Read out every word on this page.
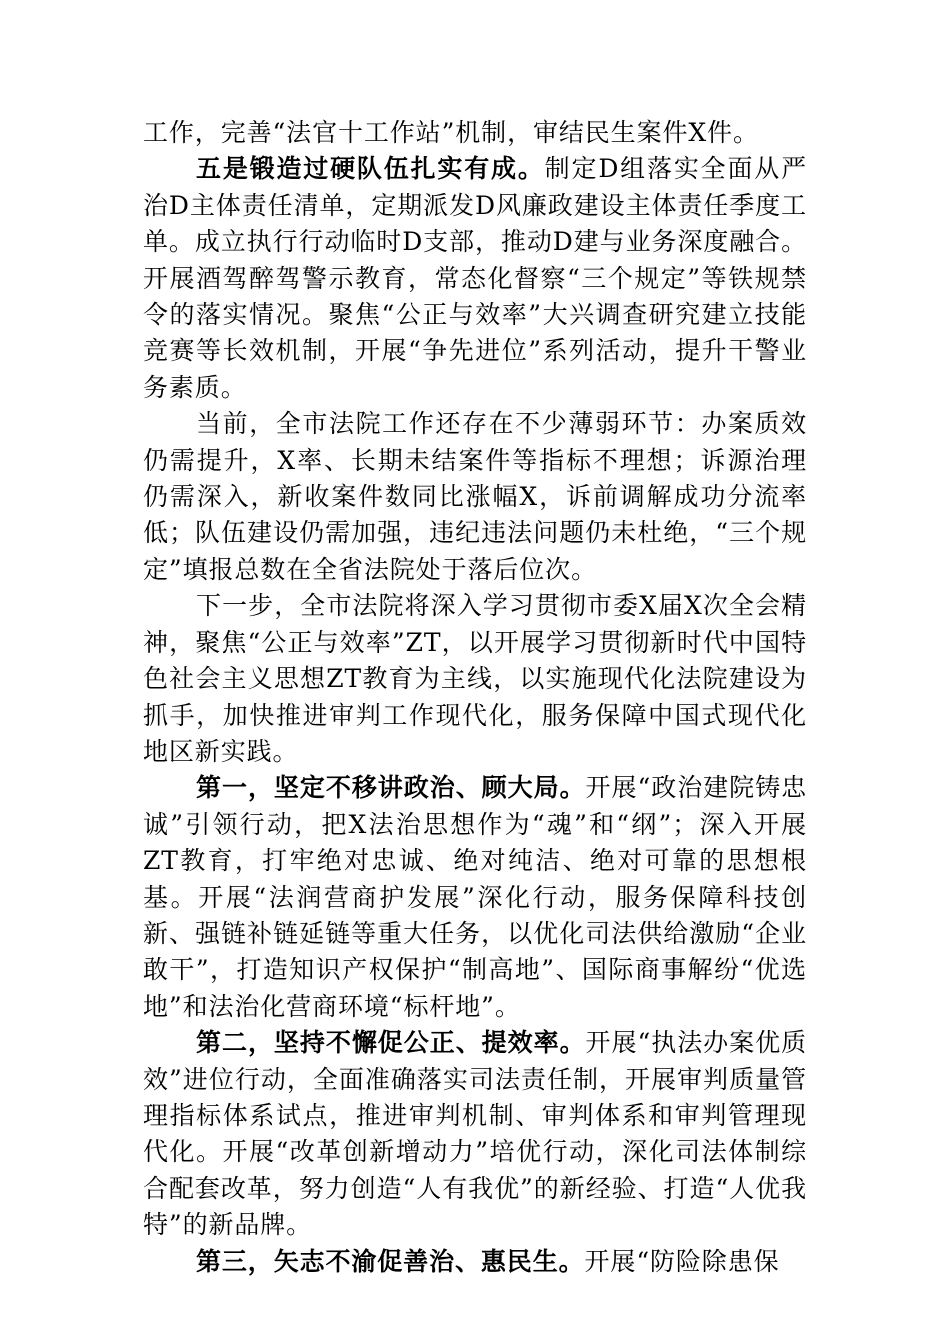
工作，完善“法官十工作站”机制，审结民生案件X件。

五是锻造过硬队伍扎实有成。制定D组落实全面从严治D主体责任清单，定期派发D风廉政建设主体责任季度工单。成立执行行动临时D支部，推动D建与业务深度融合。开展酒驾醉驾警示教育，常态化督察“三个规定”等铁规禁令的落实情况。聚焦“公正与效率”大兴调查研究建立技能竞赛等长效机制，开展“争先进位”系列活动，提升干警业务素质。

当前，全市法院工作还存在不少薄弱环节：办案质效仍需提升，X率、长期未结案件等指标不理想；诉源治理仍需深入，新收案件数同比涨幅X，诉前调解成功分流率低；队伍建设仍需加强，违纪违法问题仍未杜绝，“三个规定”填报总数在全省法院处于落后位次。

下一步，全市法院将深入学习贯彻市委X届X次全会精神，聚焦“公正与效率”ZT，以开展学习贯彻新时代中国特色社会主义思想ZT教育为主线，以实施现代化法院建设为抓手，加快推进审判工作现代化，服务保障中国式现代化地区新实践。

第一，坚定不移讲政治、顾大局。开展“政治建院铸忠诚”引领行动，把X法治思想作为“魂”和“纲”；深入开展ZT教育，打牢绝对忠诚、绝对纯洁、绝对可靠的思想根基。开展“法润营商护发展”深化行动，服务保障科技创新、强链补链延链等重大任务，以优化司法供给激励“企业敢干”，打造知识产权保护“制高地”、国际商事解纷“优选地”和法治化营商环境“标杆地”。

第二，坚持不懈促公正、提效率。开展“执法办案优质效”进位行动，全面准确落实司法责任制，开展审判质量管理指标体系试点，推进审判机制、审判体系和审判管理现代化。开展“改革创新增动力”培优行动，深化司法体制综合配套改革，努力创造“人有我优”的新经验、打造“人优我特”的新品牌。

第三，矢志不渝促善治、惠民生。开展“防险除患保
